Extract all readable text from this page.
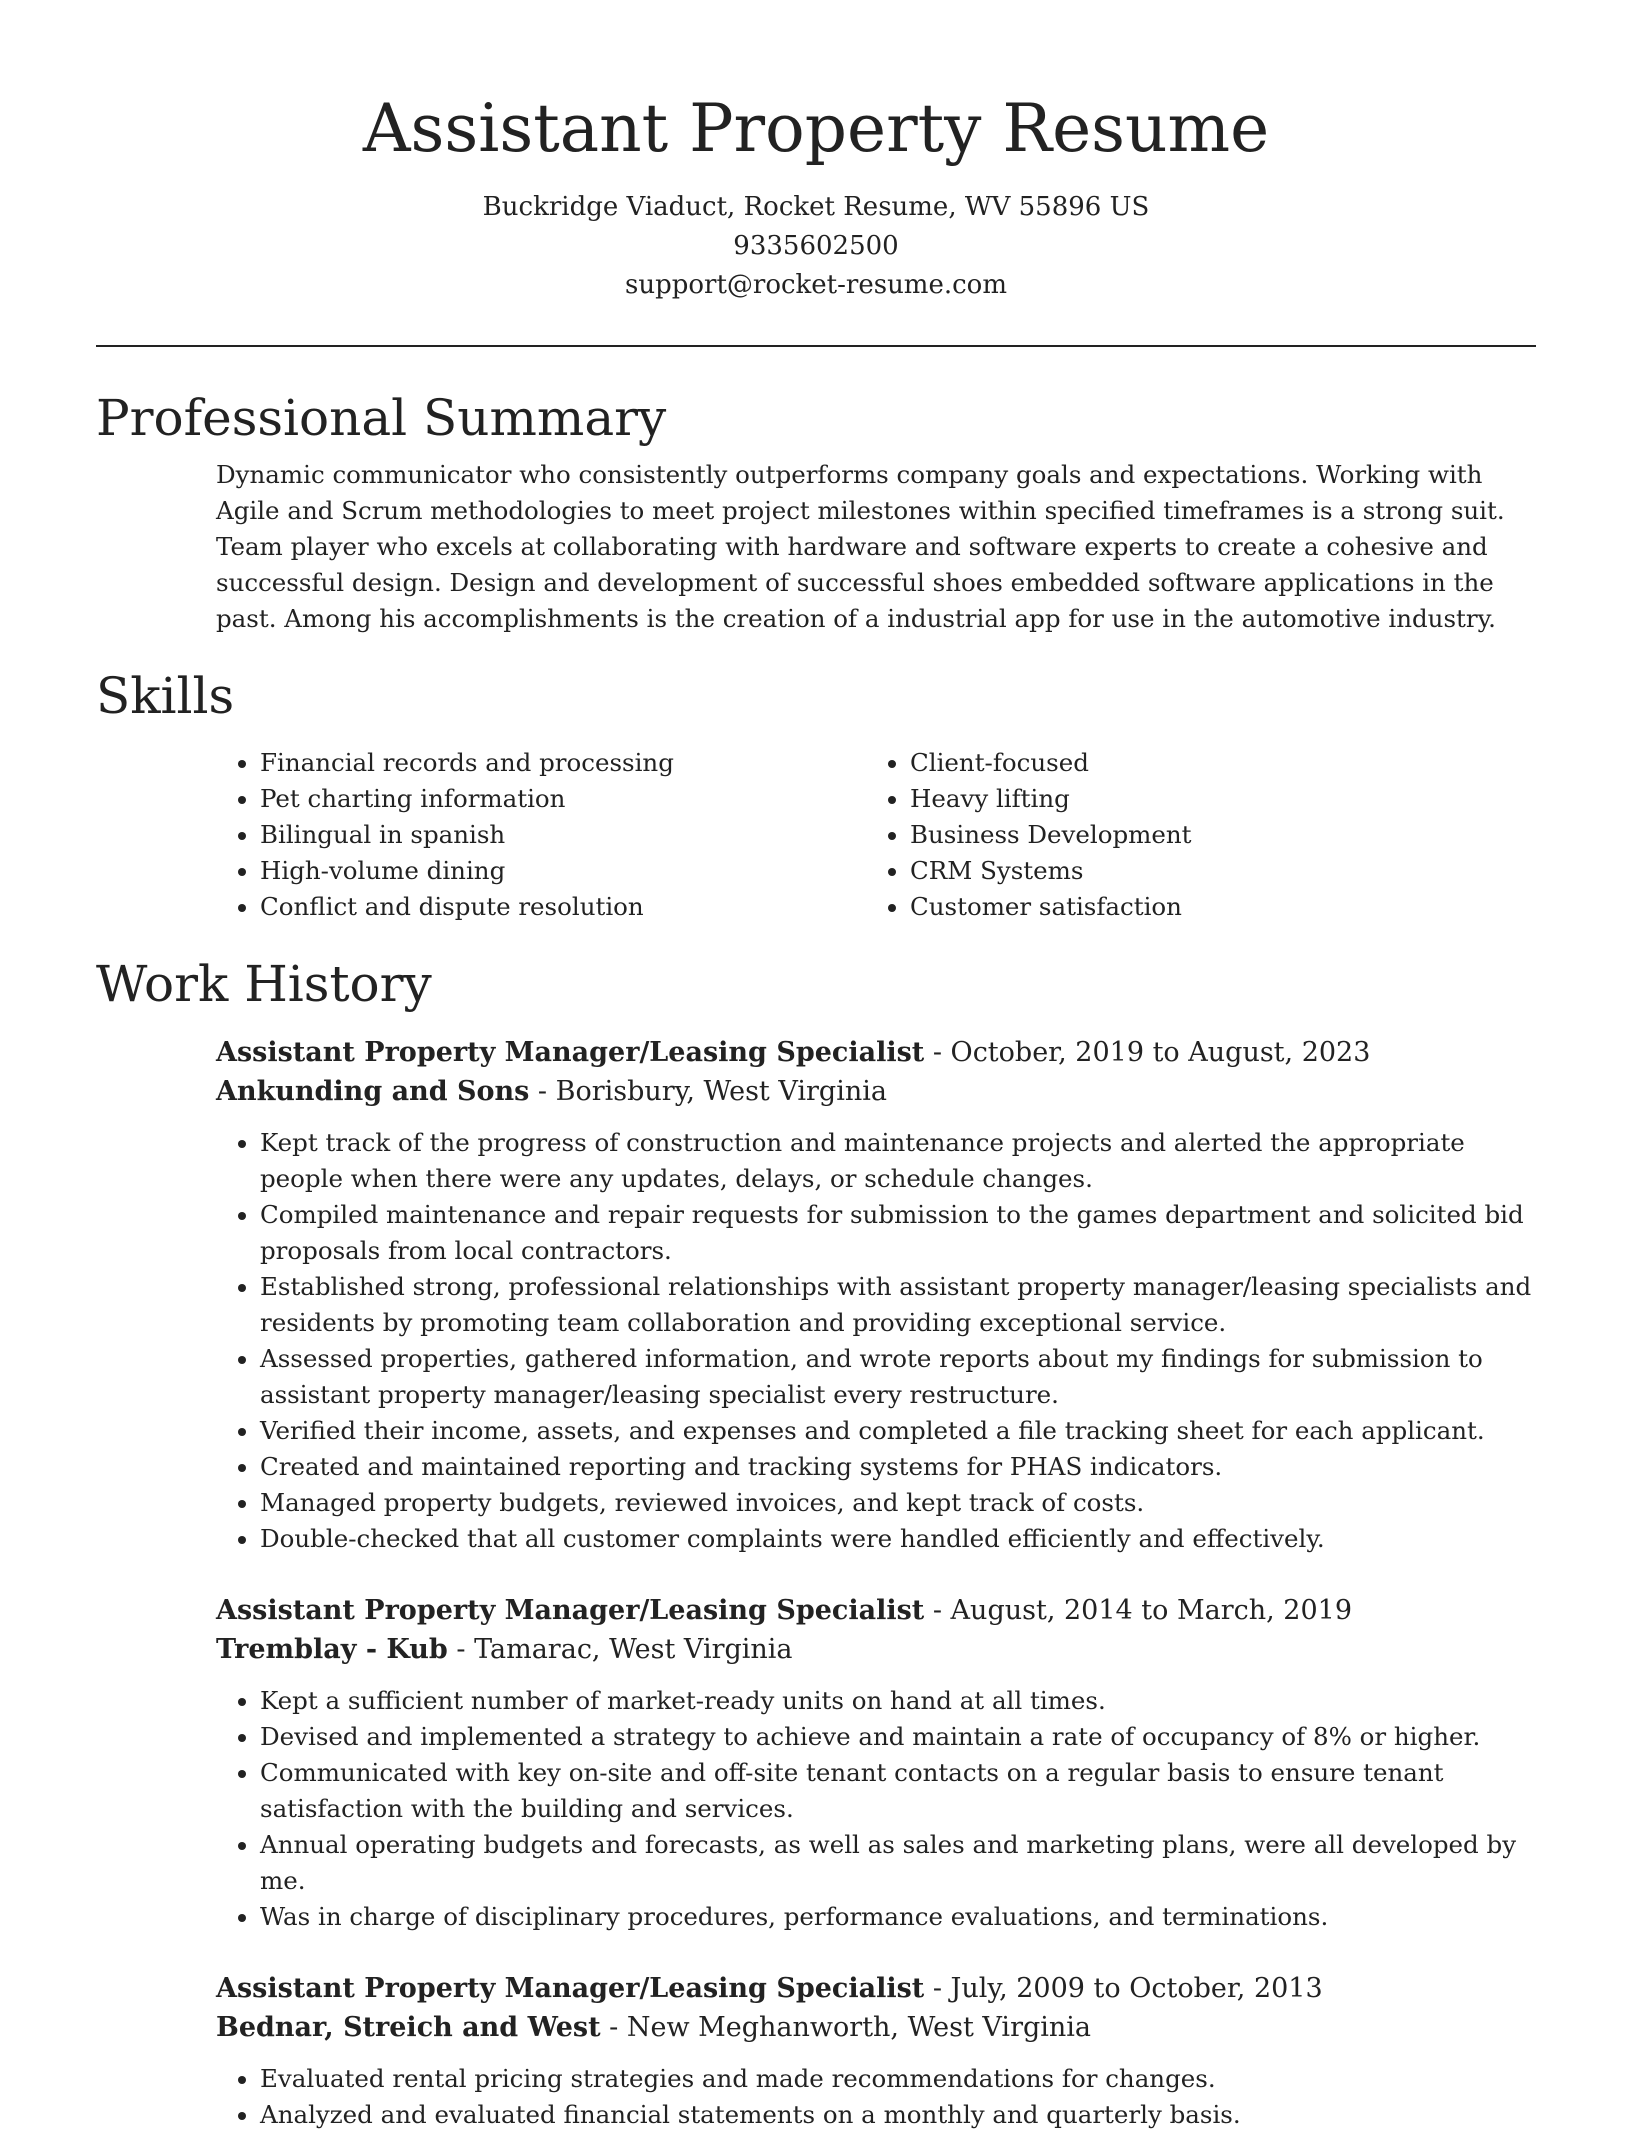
Assistant Property Resume
Buckridge Viaduct, Rocket Resume, WV 55896 US
9335602500
support@rocket-resume.com
Professional Summary

Dynamic communicator who consistently outperforms company goals and expectations. Working with Agile and Scrum methodologies to meet project milestones within specified timeframes is a strong suit. Team player who excels at collaborating with hardware and software experts to create a cohesive and successful design. Design and development of successful shoes embedded software applications in the past. Among his accomplishments is the creation of a industrial app for use in the automotive industry.

Skills
• Financial records and processing
• Pet charting information
• Bilingual in spanish
• High-volume dining
• Conflict and dispute resolution
• Client-focused
• Heavy lifting
• Business Development
• CRM Systems
• Customer satisfaction
Work History
Assistant Property Manager/Leasing Specialist - October, 2019 to August, 2023
Ankunding and Sons - Borisbury, West Virginia
• Kept track of the progress of construction and maintenance projects and alerted the appropriate people when there were any updates, delays, or schedule changes.
• Compiled maintenance and repair requests for submission to the games department and solicited bid proposals from local contractors.
• Established strong, professional relationships with assistant property manager/leasing specialists and residents by promoting team collaboration and providing exceptional service.
• Assessed properties, gathered information, and wrote reports about my findings for submission to assistant property manager/leasing specialist every restructure.
• Verified their income, assets, and expenses and completed a file tracking sheet for each applicant.
• Created and maintained reporting and tracking systems for PHAS indicators.
• Managed property budgets, reviewed invoices, and kept track of costs.
• Double-checked that all customer complaints were handled efficiently and effectively.
Assistant Property Manager/Leasing Specialist - August, 2014 to March, 2019
Tremblay - Kub - Tamarac, West Virginia
• Kept a sufficient number of market-ready units on hand at all times.
• Devised and implemented a strategy to achieve and maintain a rate of occupancy of 8% or higher.
• Communicated with key on-site and off-site tenant contacts on a regular basis to ensure tenant satisfaction with the building and services.
• Annual operating budgets and forecasts, as well as sales and marketing plans, were all developed by me.
• Was in charge of disciplinary procedures, performance evaluations, and terminations.
Assistant Property Manager/Leasing Specialist - July, 2009 to October, 2013
Bednar, Streich and West - New Meghanworth, West Virginia
• Evaluated rental pricing strategies and made recommendations for changes.
• Analyzed and evaluated financial statements on a monthly and quarterly basis.
